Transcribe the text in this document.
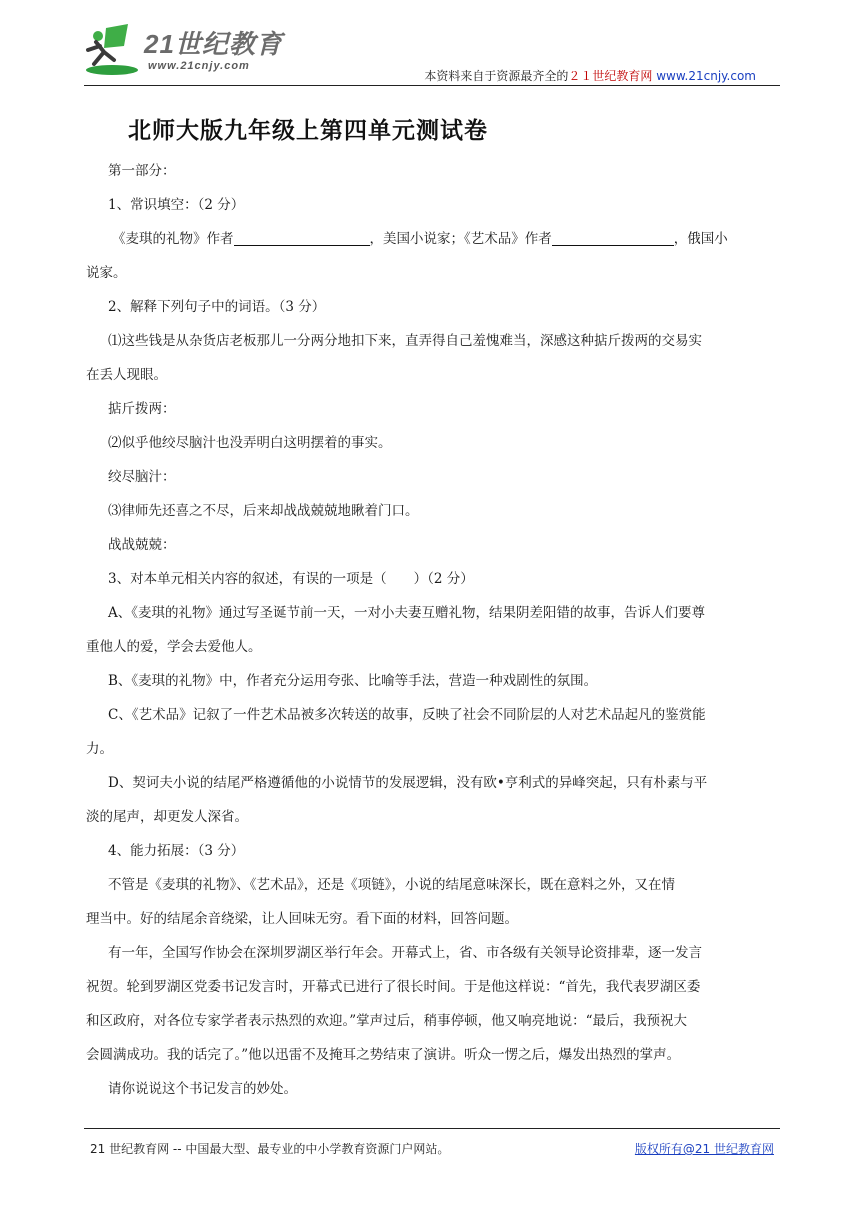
21世纪教育
www.21cnjy.com
本资料来自于资源最齐全的２１世纪教育网 www.21cnjy.com
北师大版九年级上第四单元测试卷

第一部分：

1、常识填空：（2 分）

《麦琪的礼物》作者	，美国小说家；《艺术品》作者	，俄国小

说家。

2、解释下列句子中的词语。（3 分）

⑴这些钱是从杂货店老板那儿一分两分地扣下来，直弄得自己羞愧难当，深感这种掂斤拨两的交易实

在丢人现眼。

掂斤拨两：

⑵似乎他绞尽脑汁也没弄明白这明摆着的事实。

绞尽脑汁：

⑶律师先还喜之不尽，后来却战战兢兢地瞅着门口。

战战兢兢：

3、对本单元相关内容的叙述，有误的一项是（　　）（2 分）

A、《麦琪的礼物》通过写圣诞节前一天，一对小夫妻互赠礼物，结果阴差阳错的故事，告诉人们要尊

重他人的爱，学会去爱他人。

B、《麦琪的礼物》中，作者充分运用夸张、比喻等手法，营造一种戏剧性的氛围。

C、《艺术品》记叙了一件艺术品被多次转送的故事，反映了社会不同阶层的人对艺术品起凡的鉴赏能

力。

D、契诃夫小说的结尾严格遵循他的小说情节的发展逻辑，没有欧•亨利式的异峰突起，只有朴素与平

淡的尾声，却更发人深省。

4、能力拓展：（3 分）

不管是《麦琪的礼物》、《艺术品》，还是《项链》，小说的结尾意味深长，既在意料之外，又在情

理当中。好的结尾余音绕梁，让人回味无穷。看下面的材料，回答问题。

有一年，全国写作协会在深圳罗湖区举行年会。开幕式上，省、市各级有关领导论资排辈，逐一发言

祝贺。轮到罗湖区党委书记发言时，开幕式已进行了很长时间。于是他这样说：“首先，我代表罗湖区委

和区政府，对各位专家学者表示热烈的欢迎。”掌声过后，稍事停顿，他又响亮地说：“最后，我预祝大

会圆满成功。我的话完了。”他以迅雷不及掩耳之势结束了演讲。听众一愣之后，爆发出热烈的掌声。

请你说说这个书记发言的妙处。

21 世纪教育网 -- 中国最大型、最专业的中小学教育资源门户网站。	版权所有@21 世纪教育网
